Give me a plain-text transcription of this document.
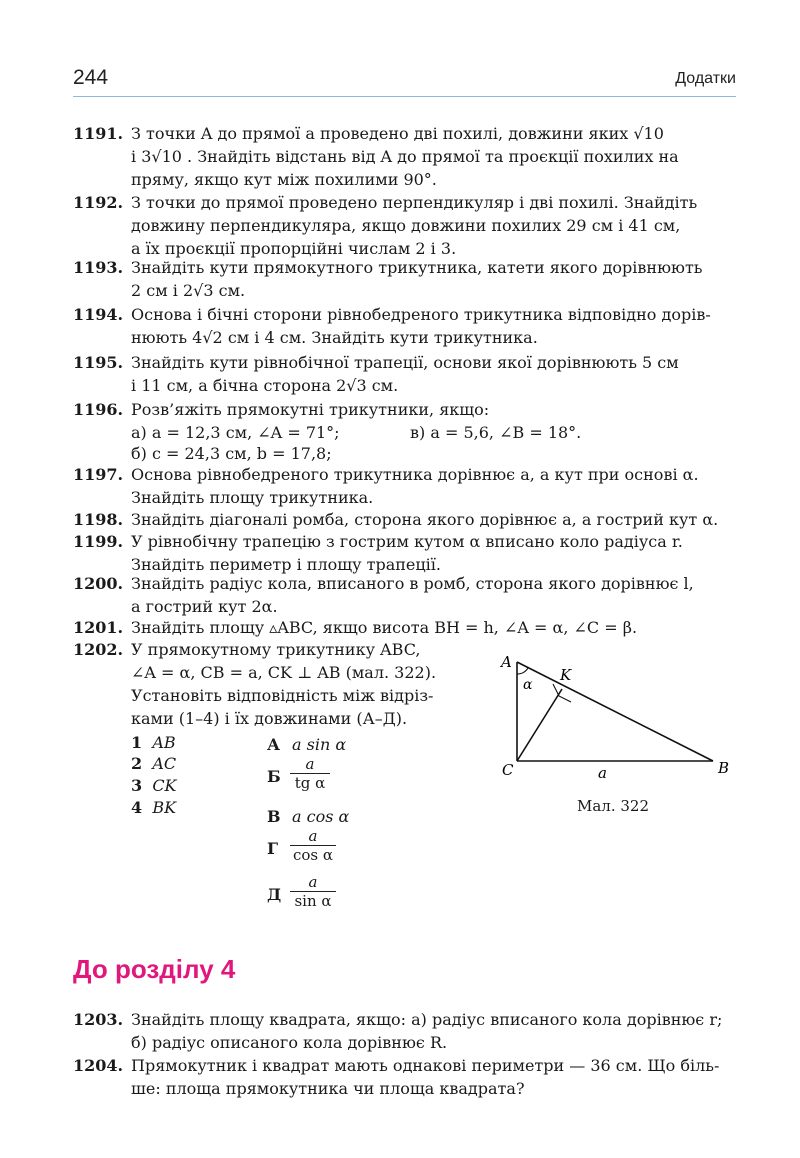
244	Додатки
1191. З точки A до прямої a проведено дві похилі, довжини яких √10
і 3√10 . Знайдіть відстань від A до прямої та проєкції похилих на
пряму, якщо кут між похилими 90°.
1192. З точки до прямої проведено перпендикуляр і дві похилі. Знайдіть
довжину перпендикуляра, якщо довжини похилих 29 см і 41 см,
а їх проєкції пропорційні числам 2 і 3.
1193. Знайдіть кути прямокутного трикутника, катети якого дорівнюють
2 см і 2√3 см.
1194. Основа і бічні сторони рівнобедреного трикутника відповідно дорів-
нюють 4√2 см і 4 см. Знайдіть кути трикутника.
1195. Знайдіть кути рівнобічної трапеції, основи якої дорівнюють 5 см
і 11 см, а бічна сторона 2√3 см.
1196. Розв’яжіть прямокутні трикутники, якщо:
а) a = 12,3 см, ∠A = 71°;	в) a = 5,6, ∠B = 18°.
б) c = 24,3 см, b = 17,8;
1197. Основа рівнобедреного трикутника дорівнює a, а кут при основі α.
Знайдіть площу трикутника.
1198. Знайдіть діагоналі ромба, сторона якого дорівнює a, а гострий кут α.
1199. У рівнобічну трапецію з гострим кутом α вписано коло радіуса r.
Знайдіть периметр і площу трапеції.
1200. Знайдіть радіус кола, вписаного в ромб, сторона якого дорівнює l,
а гострий кут 2α.
1201. Знайдіть площу ▵ABC, якщо висота BH = h, ∠A = α, ∠C = β.
1202. У прямокутному трикутнику ABC,
∠A = α, CB = a, CK ⊥ AB (мал. 322).
Установіть відповідність між відріз-
ками (1–4) і їх довжинами (А–Д).
1 AB
2 AC
3 CK
4 BK
А a sin α
Б
a
tg α
В a cos α
Г
a
cos α
Д
a
sin α
A
K
C	B
a
α
Мал. 322
До розділу 4
1203. Знайдіть площу квадрата, якщо: а) радіус вписаного кола дорівнює r;
б) радіус описаного кола дорівнює R.
1204. Прямокутник і квадрат мають однакові периметри — 36 см. Що біль-
ше: площа прямокутника чи площа квадрата?
